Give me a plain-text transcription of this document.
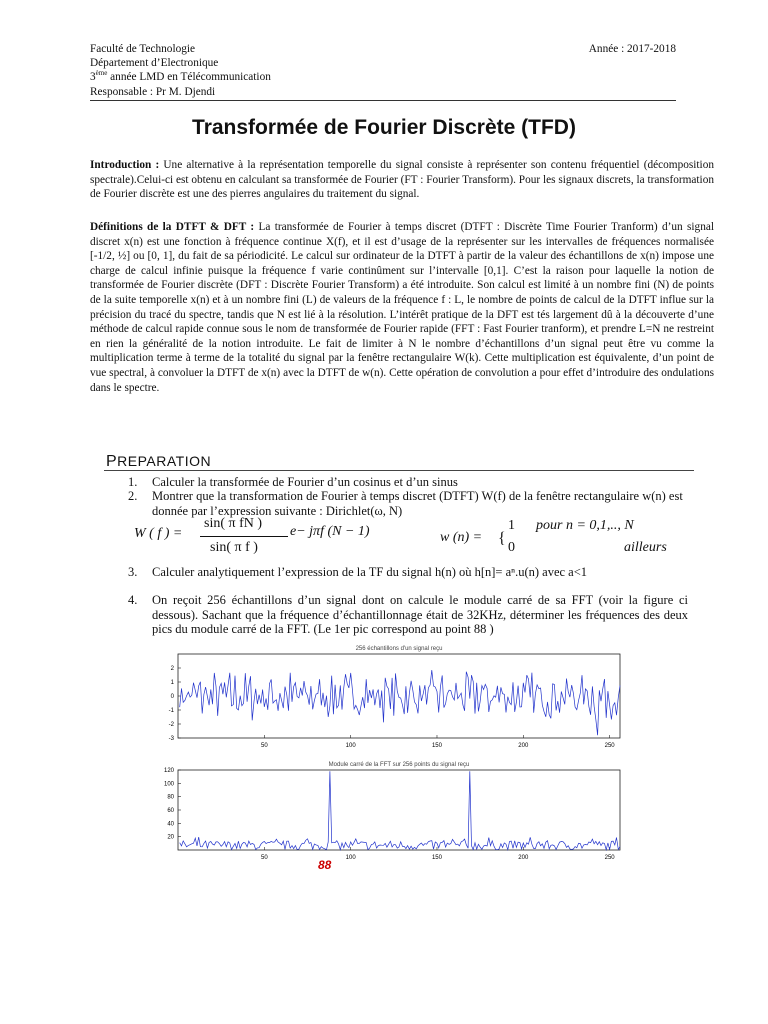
Faculté de Technologie
Département d’Electronique
3ème année LMD en Télécommunication
Responsable : Pr M. Djendi
Année : 2017-2018
Transformée de Fourier Discrète (TFD)
Introduction : Une alternative à la représentation temporelle du signal consiste à représenter son contenu fréquentiel (décomposition spectrale).Celui-ci est obtenu en calculant sa transformée de Fourier (FT : Fourier Transform). Pour les signaux discrets, la transformation de Fourier discrète est une des pierres angulaires du traitement du signal.
Définitions de la DTFT & DFT : La transformée de Fourier à temps discret (DTFT : Discrète Time Fourier Tranform) d’un signal discret x(n) est une fonction à fréquence continue X(f), et il est d’usage de la représenter sur les intervalles de fréquences normalisée [-1/2, ½] ou [0, 1], du fait de sa périodicité. Le calcul sur ordinateur de la DTFT à partir de la valeur des échantillons de x(n) impose une charge de calcul infinie puisque la fréquence f varie continûment sur l’intervalle [0,1]. C’est la raison pour laquelle la notion de transformée de Fourier discrète (DFT : Discrète Fourier Transform) a été introduite. Son calcul est limité à un nombre fini (N) de points de la suite temporelle x(n) et à un nombre fini (L) de valeurs de la fréquence f : L, le nombre de points de calcul de la DTFT influe sur la précision du tracé du spectre, tandis que N est lié à la résolution. L’intérêt pratique de la DFT est tés largement dû à la découverte d’une méthode de calcul rapide connue sous le nom de transformée de Fourier rapide (FFT : Fast Fourier tranform), et prendre L=N ne restreint en rien la généralité de la notion introduite. Le fait de limiter à N le nombre d’échantillons d’un signal peut être vu comme la multiplication terme à terme de la totalité du signal par la fenêtre rectangulaire W(k). Cette multiplication est équivalente, d’un point de vue spectral, à convoluer la DTFT de x(n) avec la DTFT de w(n). Cette opération de convolution a pour effet d’introduire des ondulations dans le spectre.
PREPARATION
1. Calculer la transformée de Fourier d’un cosinus et d’un sinus
2. Montrer que la transformation de Fourier à temps discret (DTFT) W(f) de la fenêtre rectangulaire w(n) est donnée par l’expression suivante : Dirichlet(ω, N)
W ( f ) =
sin( π fN )
sin( π f )
e− jπf (N − 1)	w (n) = {
1 pour n = 0,1,.., N
0	ailleurs
3. Calculer analytiquement l’expression de la TF du signal h(n) où h[n]= aⁿ.u(n) avec a<1
4. On reçoit 256 échantillons d’un signal dont on calcule le module carré de sa FFT (voir la figure ci dessous). Sachant que la fréquence d’échantillonnage était de 32KHz, déterminer les fréquences des deux pics du module carré de la FFT. (Le 1er pic correspond au point 88 )
256 échantillons d'un signal reçu
50	100	150	200	250
2
1
0
-1
-2
-3
Module carré de la FFT sur 256 points du signal reçu
50	100	150	200	250
120
100
80
60
40
20
88
